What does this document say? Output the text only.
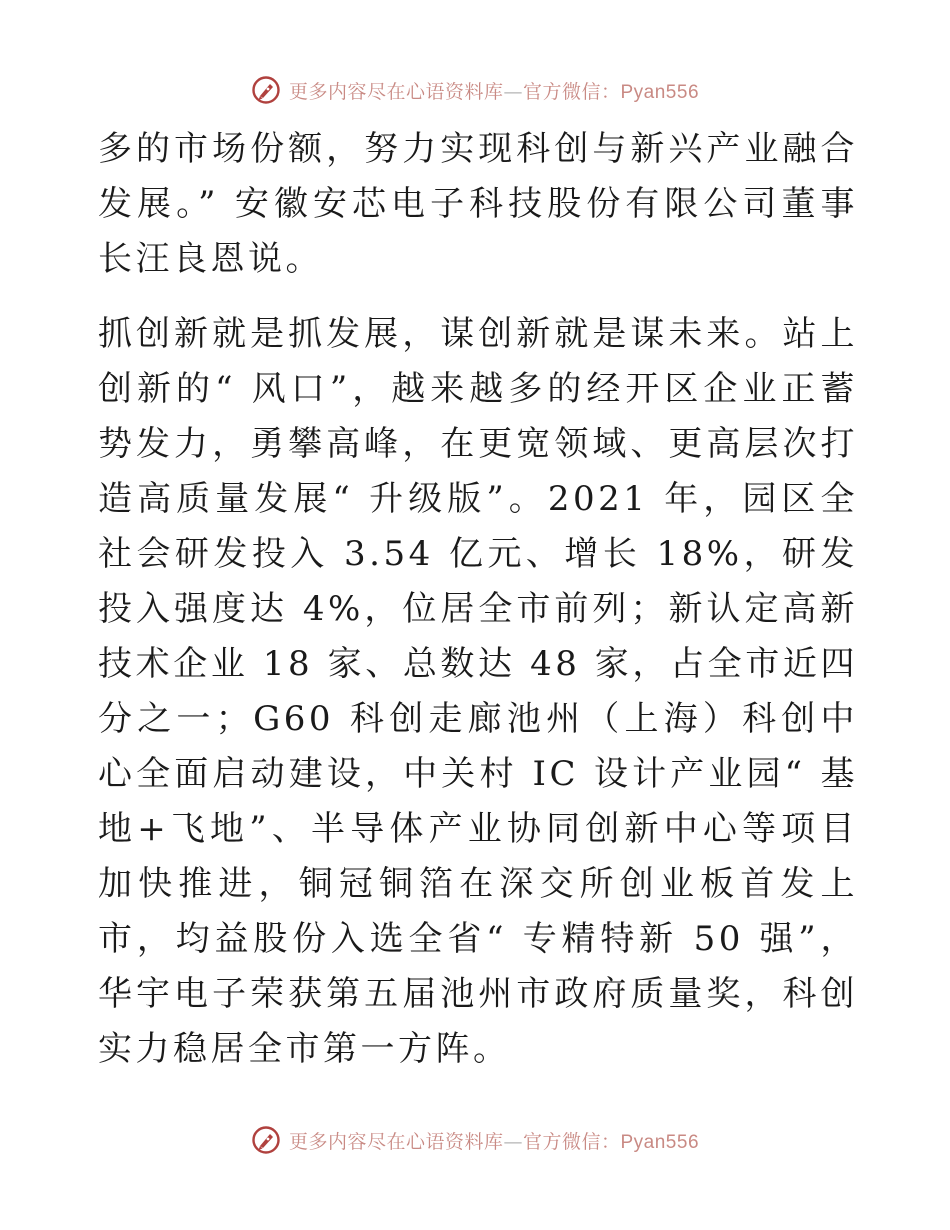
更多内容尽在心语资料库—官方微信：Pyan556

多的市场份额，努力实现科创与新兴产业融合发展。” 安徽安芯电子科技股份有限公司董事长汪良恩说。

抓创新就是抓发展，谋创新就是谋未来。站上创新的“ 风口”，越来越多的经开区企业正蓄势发力，勇攀高峰，在更宽领域、更高层次打造高质量发展“ 升级版”。2021 年，园区全社会研发投入 3.54 亿元、增长 18%，研发投入强度达 4%，位居全市前列；新认定高新技术企业 18 家、总数达 48 家，占全市近四分之一；G60 科创走廊池州（上海）科创中心全面启动建设，中关村 IC 设计产业园“ 基地+飞地”、半导体产业协同创新中心等项目加快推进，铜冠铜箔在深交所创业板首发上市，均益股份入选全省“ 专精特新 50 强”，华宇电子荣获第五届池州市政府质量奖，科创实力稳居全市第一方阵。

更多内容尽在心语资料库—官方微信：Pyan556
